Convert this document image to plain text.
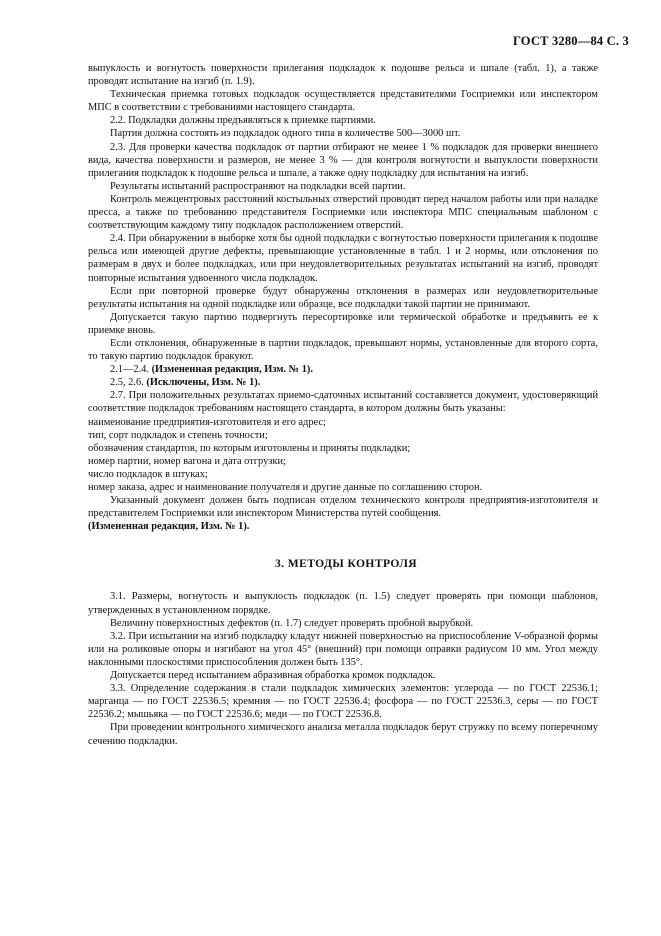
ГОСТ 3280—84 С. 3

выпуклость и вогнутость поверхности прилегания подкладок к подошве рельса и шпале (табл. 1), а также проводят испытание на изгиб (п. 1.9).

Техническая приемка готовых подкладок осуществляется представителями Госприемки или инспектором МПС в соответствии с требованиями настоящего стандарта.

2.2. Подкладки должны предъявляться к приемке партиями.

Партия должна состоять из подкладок одного типа в количестве 500—3000 шт.

2.3. Для проверки качества подкладок от партии отбирают не менее 1 % подкладок для проверки внешнего вида, качества поверхности и размеров, не менее 3 % — для контроля вогнутости и выпуклости поверхности прилегания подкладок к подошве рельса и шпале, а также одну подкладку для испытания на изгиб.

Результаты испытаний распространяют на подкладки всей партии.

Контроль межцентровых расстояний костыльных отверстий проводят перед началом работы или при наладке пресса, а также по требованию представителя Госприемки или инспектора МПС специальным шаблоном с соответствующим каждому типу подкладок расположением отверстий.

2.4. При обнаружении в выборке хотя бы одной подкладки с вогнутостью поверхности прилегания к подошве рельса или имеющей другие дефекты, превышающие установленные в табл. 1 и 2 нормы, или отклонения по размерам в двух и более подкладках, или при неудовлетворительных результатах испытаний на изгиб, проводят повторные испытания удвоенного числа подкладок.

Если при повторной проверке будут обнаружены отклонения в размерах или неудовлетворительные результаты испытания на одной подкладке или образце, все подкладки такой партии не принимают.

Допускается такую партию подвергнуть пересортировке или термической обработке и предъявить ее к приемке вновь.

Если отклонения, обнаруженные в партии подкладок, превышают нормы, установленные для второго сорта, то такую партию подкладок бракуют.

2.1—2.4. (Измененная редакция, Изм. № 1).

2.5, 2.6. (Исключены, Изм. № 1).

2.7. При положительных результатах приемо-сдаточных испытаний составляется документ, удостоверяющий соответствие подкладок требованиям настоящего стандарта, в котором должны быть указаны:

наименование предприятия-изготовителя и его адрес;

тип, сорт подкладок и степень точности;

обозначения стандартов, по которым изготовлены и приняты подкладки;

номер партии, номер вагона и дата отгрузки;

число подкладок в штуках;

номер заказа, адрес и наименование получателя и другие данные по соглашению сторон.

Указанный документ должен быть подписан отделом технического контроля предприятия-изготовителя и представителем Госприемки или инспектором Министерства путей сообщения.

(Измененная редакция, Изм. № 1).

3. МЕТОДЫ КОНТРОЛЯ

3.1. Размеры, вогнутость и выпуклость подкладок (п. 1.5) следует проверять при помощи шаблонов, утвержденных в установленном порядке.

Величину поверхностных дефектов (п. 1.7) следует проверять пробной вырубкой.

3.2. При испытании на изгиб подкладку кладут нижней поверхностью на приспособление V-образной формы или на роликовые опоры и изгибают на угол 45° (внешний) при помощи оправки радиусом 10 мм. Угол между наклонными плоскостями приспособления должен быть 135°.

Допускается перед испытанием абразивная обработка кромок подкладок.

3.3. Определение содержания в стали подкладок химических элементов: углерода — по ГОСТ 22536.1; марганца — по ГОСТ 22536.5; кремния — по ГОСТ 22536.4; фосфора — по ГОСТ 22536.3, серы — по ГОСТ 22536.2; мышьяка — по ГОСТ 22536.6; меди — по ГОСТ 22536.8.

При проведении контрольного химического анализа металла подкладок берут стружку по всему поперечному сечению подкладки.
